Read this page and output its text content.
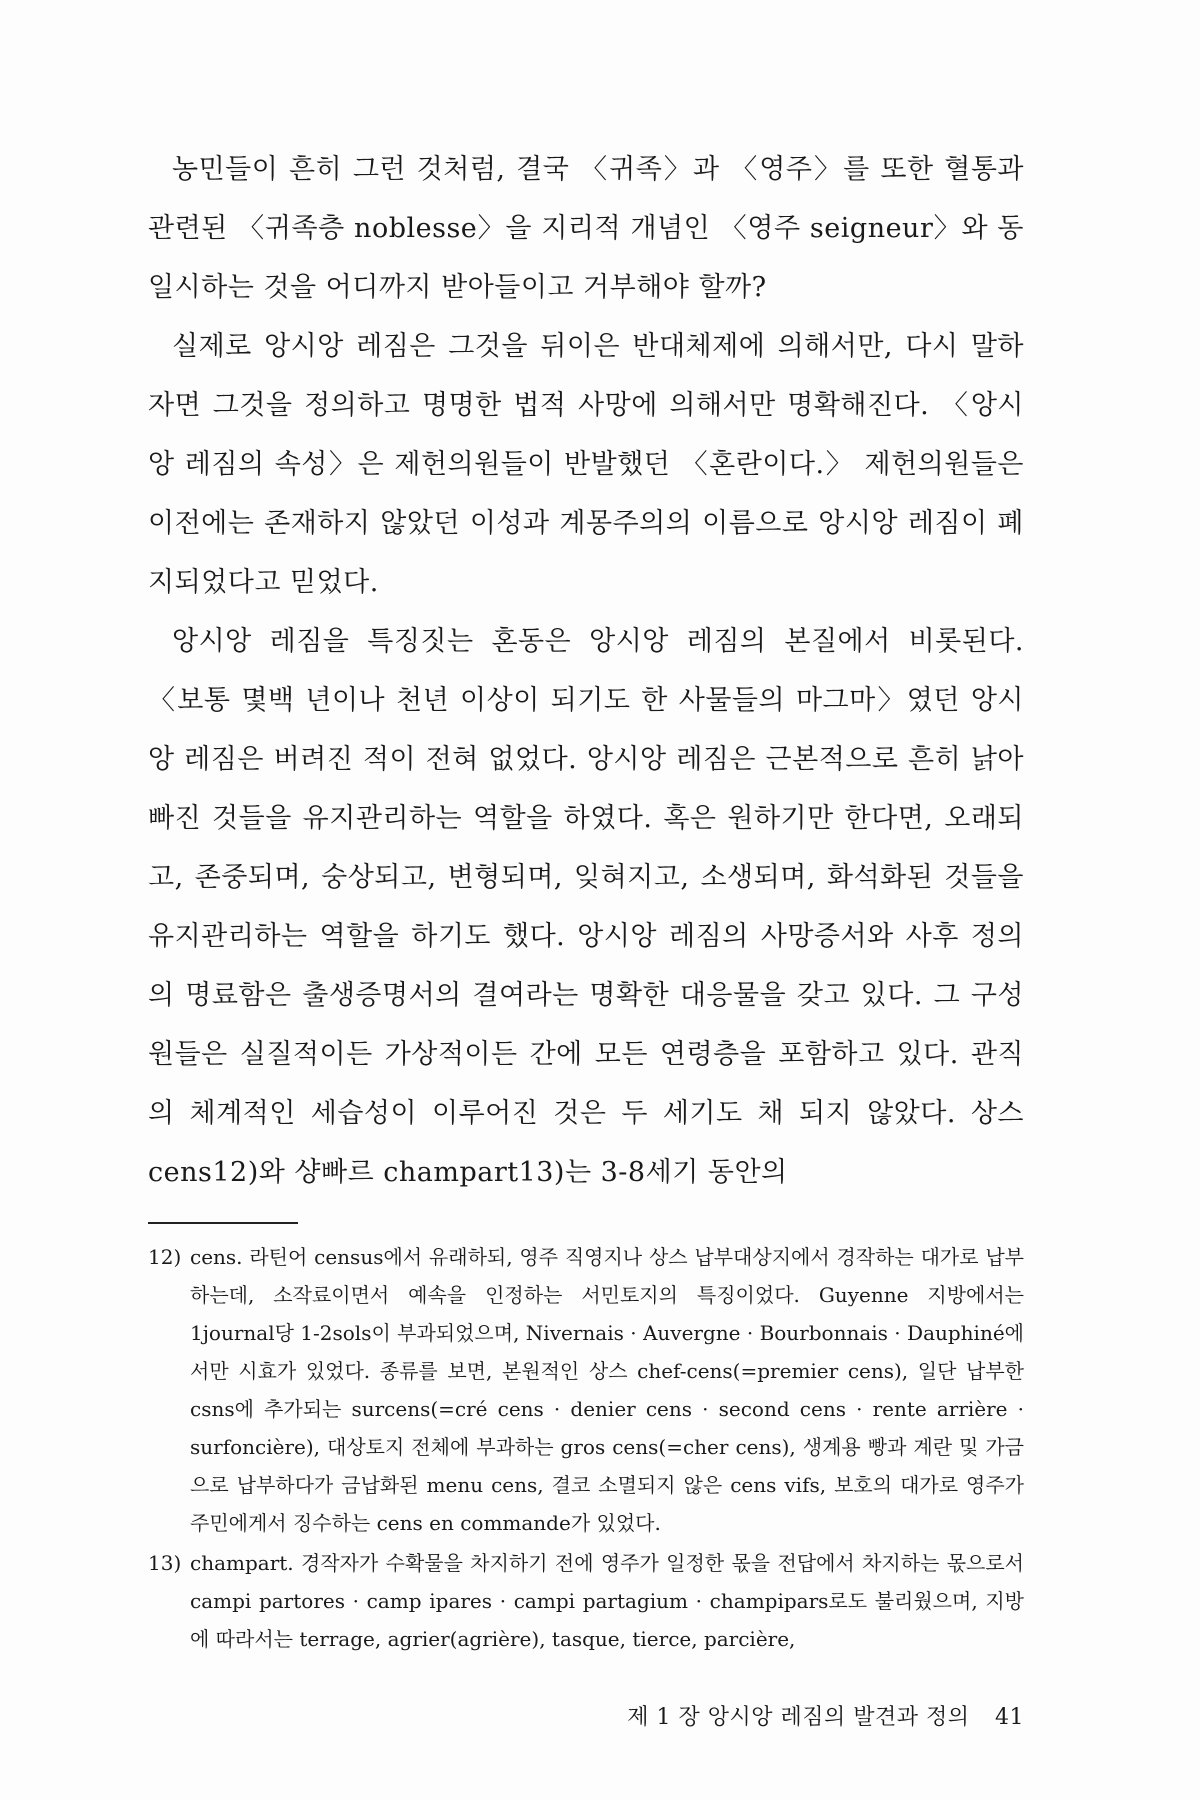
농민들이 흔히 그런 것처럼, 결국 〈귀족〉과 〈영주〉를 또한 혈통과 관련된 〈귀족층 noblesse〉을 지리적 개념인 〈영주 seigneur〉와 동일시하는 것을 어디까지 받아들이고 거부해야 할까?

실제로 앙시앙 레짐은 그것을 뒤이은 반대체제에 의해서만, 다시 말하자면 그것을 정의하고 명명한 법적 사망에 의해서만 명확해진다. 〈앙시앙 레짐의 속성〉은 제헌의원들이 반발했던 〈혼란이다.〉 제헌의원들은 이전에는 존재하지 않았던 이성과 계몽주의의 이름으로 앙시앙 레짐이 폐지되었다고 믿었다.

앙시앙 레짐을 특징짓는 혼동은 앙시앙 레짐의 본질에서 비롯된다. 〈보통 몇백 년이나 천년 이상이 되기도 한 사물들의 마그마〉였던 앙시앙 레짐은 버려진 적이 전혀 없었다. 앙시앙 레짐은 근본적으로 흔히 낡아빠진 것들을 유지관리하는 역할을 하였다. 혹은 원하기만 한다면, 오래되고, 존중되며, 숭상되고, 변형되며, 잊혀지고, 소생되며, 화석화된 것들을 유지관리하는 역할을 하기도 했다. 앙시앙 레짐의 사망증서와 사후 정의의 명료함은 출생증명서의 결여라는 명확한 대응물을 갖고 있다. 그 구성원들은 실질적이든 가상적이든 간에 모든 연령층을 포함하고 있다. 관직의 체계적인 세습성이 이루어진 것은 두 세기도 채 되지 않았다. 상스 cens12)와 샹빠르 champart13)는 3-8세기 동안의

12) cens. 라틴어 census에서 유래하되, 영주 직영지나 상스 납부대상지에서 경작하는 대가로 납부하는데, 소작료이면서 예속을 인정하는 서민토지의 특징이었다. Guyenne 지방에서는 1journal당 1-2sols이 부과되었으며, Nivernais · Auvergne · Bourbonnais · Dauphiné에서만 시효가 있었다. 종류를 보면, 본원적인 상스 chef-cens(=premier cens), 일단 납부한 csns에 추가되는 surcens(=cré cens · denier cens · second cens · rente arrière · surfoncière), 대상토지 전체에 부과하는 gros cens(=cher cens), 생계용 빵과 계란 및 가금으로 납부하다가 금납화된 menu cens, 결코 소멸되지 않은 cens vifs, 보호의 대가로 영주가 주민에게서 징수하는 cens en commande가 있었다.
13) champart. 경작자가 수확물을 차지하기 전에 영주가 일정한 몫을 전답에서 차지하는 몫으로서 campi partores · camp ipares · campi partagium · champipars로도 불리웠으며, 지방에 따라서는 terrage, agrier(agrière), tasque, tierce, parcière,
제 1 장 앙시앙 레짐의 발견과 정의 41
